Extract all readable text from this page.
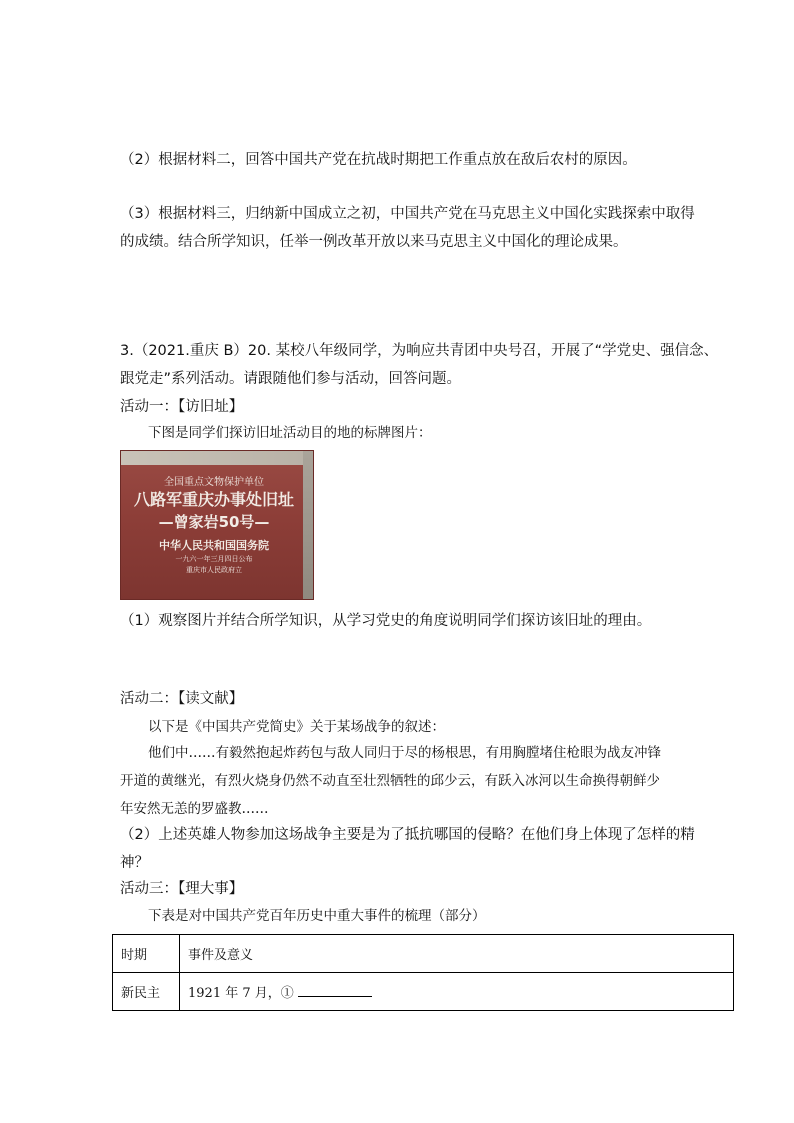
（2）根据材料二，回答中国共产党在抗战时期把工作重点放在敌后农村的原因。
（3）根据材料三，归纳新中国成立之初，中国共产党在马克思主义中国化实践探索中取得
的成绩。结合所学知识，任举一例改革开放以来马克思主义中国化的理论成果。
3.（2021.重庆 B）20. 某校八年级同学，为响应共青团中央号召，开展了“学党史、强信念、
跟党走”系列活动。请跟随他们参与活动，回答问题。
活动一：【访旧址】
下图是同学们探访旧址活动目的地的标牌图片：
全国重点文物保护单位
八路军重庆办事处旧址
—曾家岩50号—
中华人民共和国国务院
一九六一年三月四日公布
重庆市人民政府立
（1）观察图片并结合所学知识，从学习党史的角度说明同学们探访该旧址的理由。
活动二：【读文献】
以下是《中国共产党简史》关于某场战争的叙述：
他们中……有毅然抱起炸药包与敌人同归于尽的杨根思，有用胸膛堵住枪眼为战友冲锋
开道的黄继光，有烈火烧身仍然不动直至壮烈牺牲的邱少云，有跃入冰河以生命换得朝鲜少
年安然无恙的罗盛教……
（2）上述英雄人物参加这场战争主要是为了抵抗哪国的侵略？在他们身上体现了怎样的精
神？
活动三：【理大事】
下表是对中国共产党百年历史中重大事件的梳理（部分）
时期	事件及意义
新民主	1921 年 7 月，①
